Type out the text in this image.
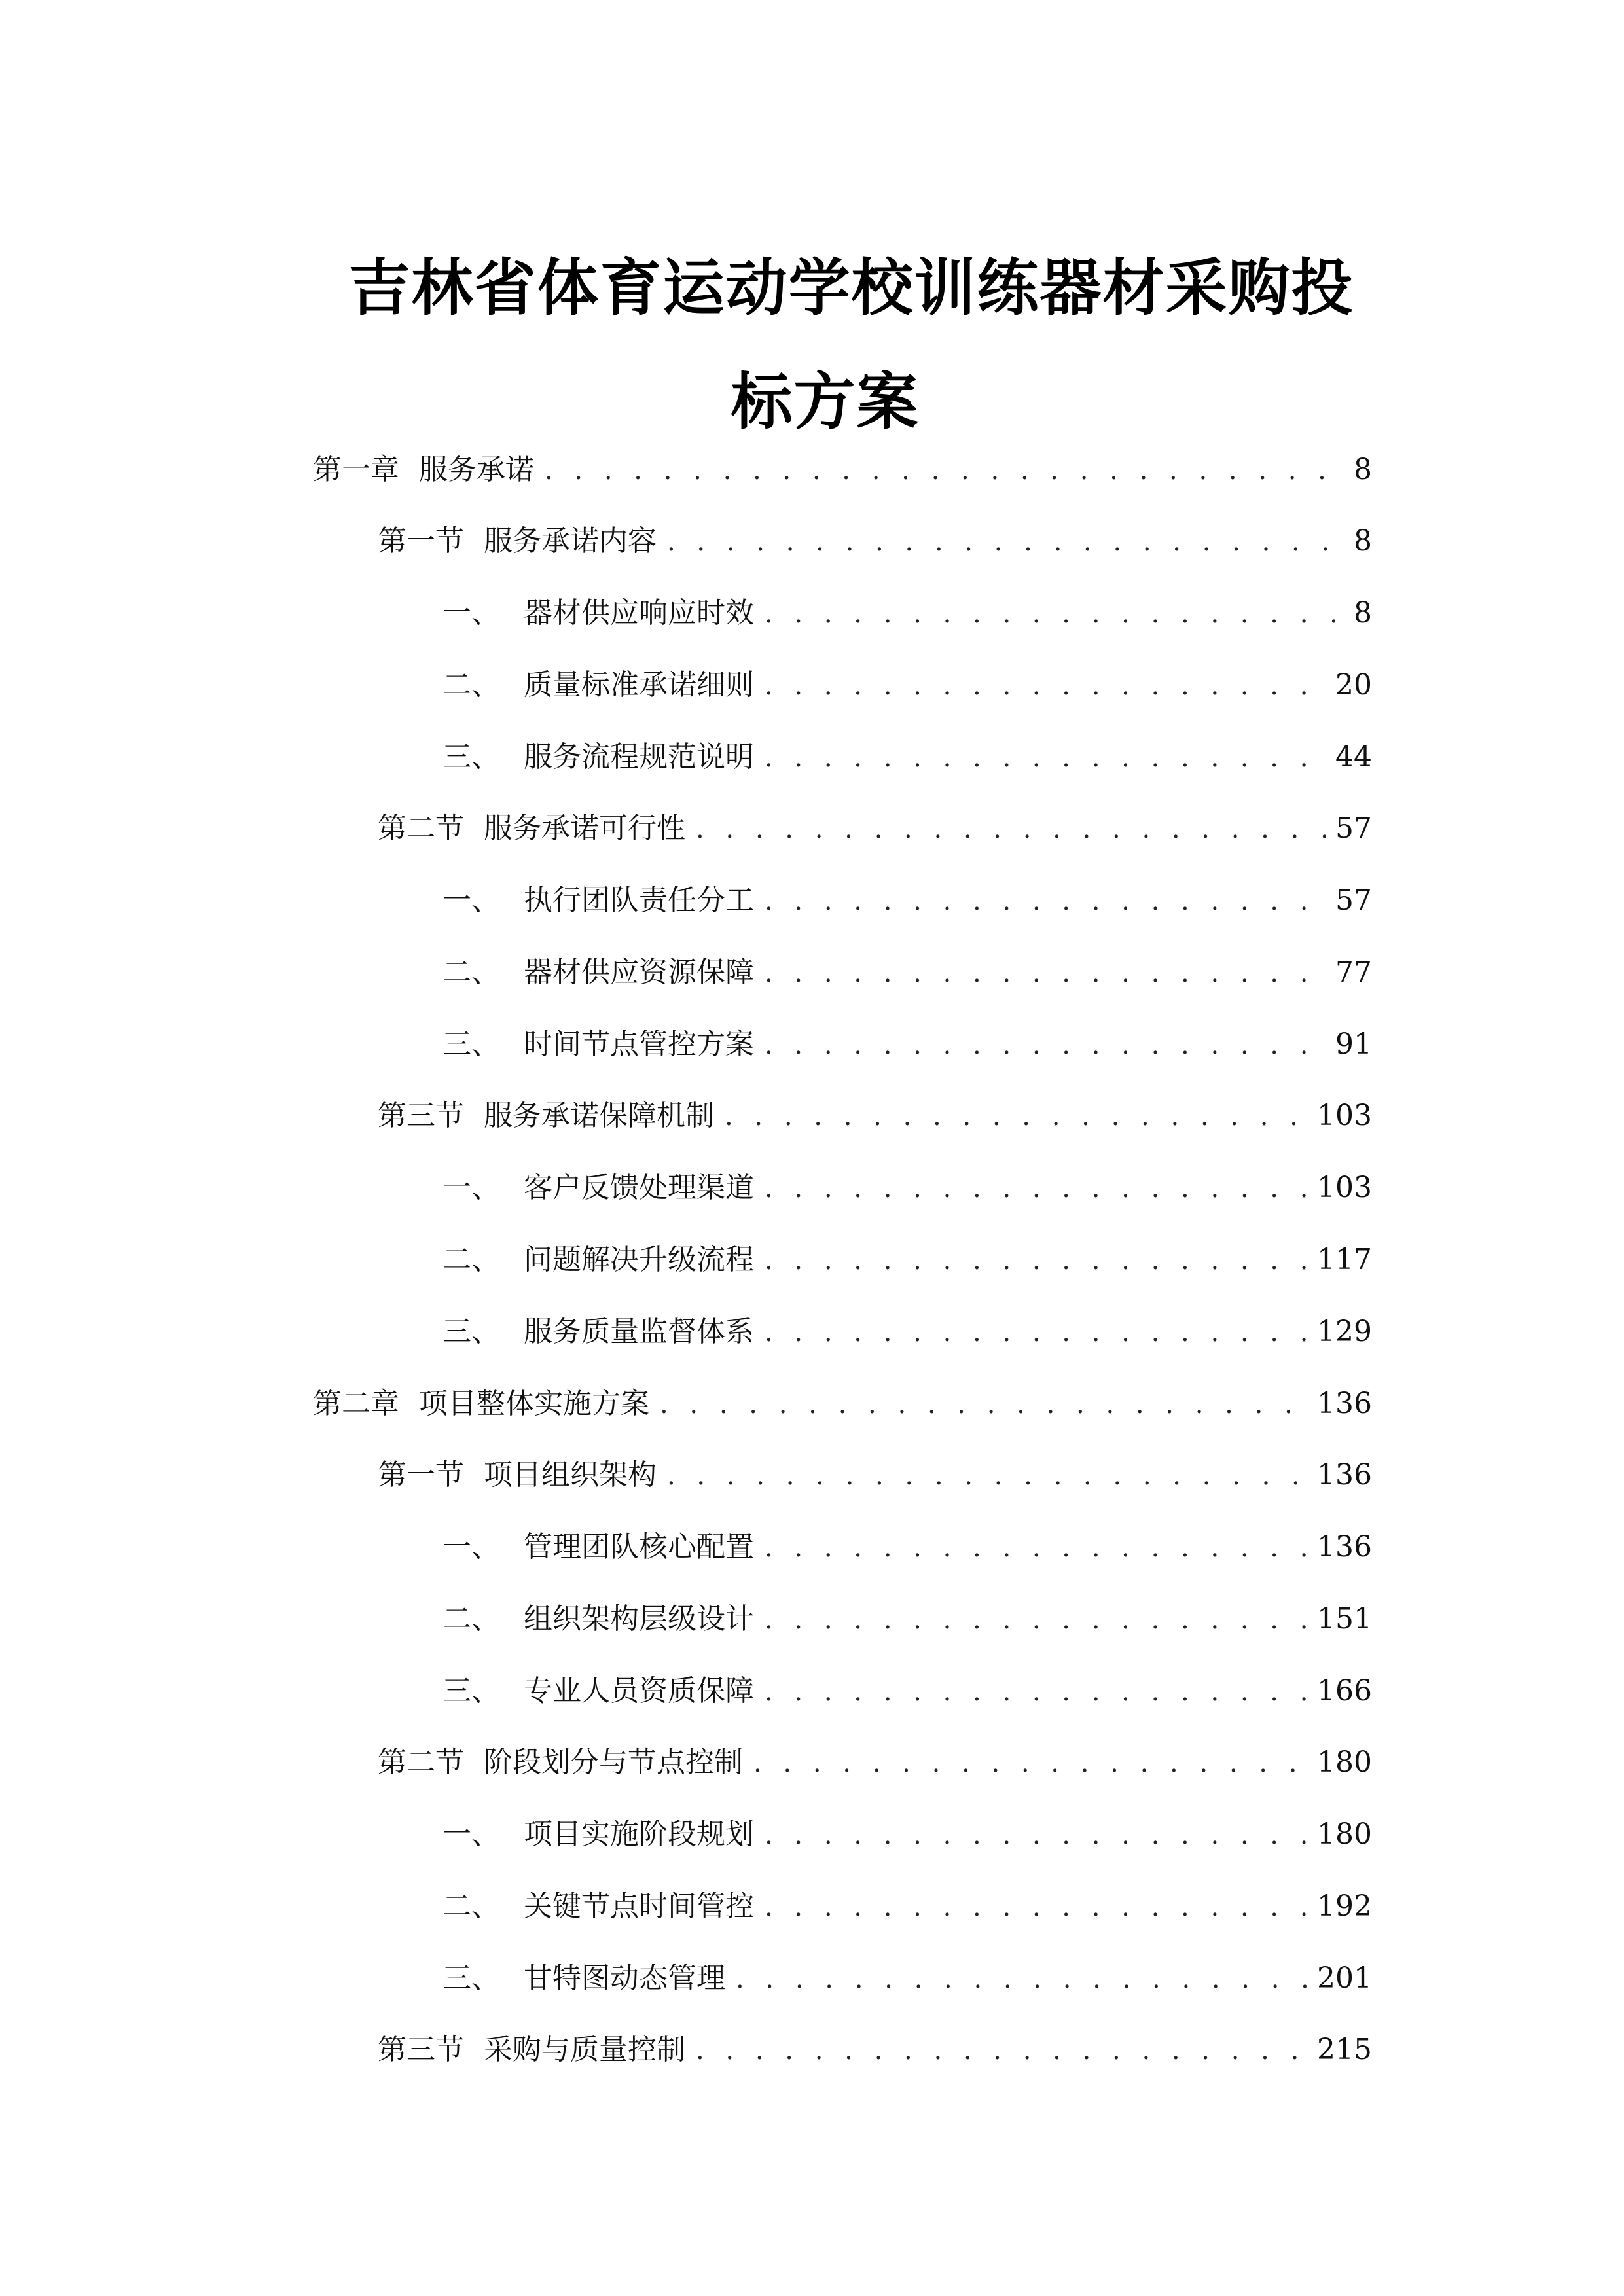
吉林省体育运动学校训练器材采购投
标方案
第一章 服务承诺 . . .	8
第一节 服务承诺内容 . . .	8
一、 器材供应响应时效 . . .	8
二、 质量标准承诺细则 . . .	20
三、 服务流程规范说明 . . .	44
第二节 服务承诺可行性 . . .	57
一、 执行团队责任分工 . . .	57
二、 器材供应资源保障 . . .	77
三、 时间节点管控方案 . . .	91
第三节 服务承诺保障机制 . . .	103
一、 客户反馈处理渠道 . . .	103
二、 问题解决升级流程 . . .	117
三、 服务质量监督体系 . . .	129
第二章 项目整体实施方案 . . .	136
第一节 项目组织架构 . . .	136
一、 管理团队核心配置 . . .	136
二、 组织架构层级设计 . . .	151
三、 专业人员资质保障 . . .	166
第二节 阶段划分与节点控制 . . .	180
一、 项目实施阶段规划 . . .	180
二、 关键节点时间管控 . . .	192
三、 甘特图动态管理 . . .	201
第三节 采购与质量控制 . . .	215
